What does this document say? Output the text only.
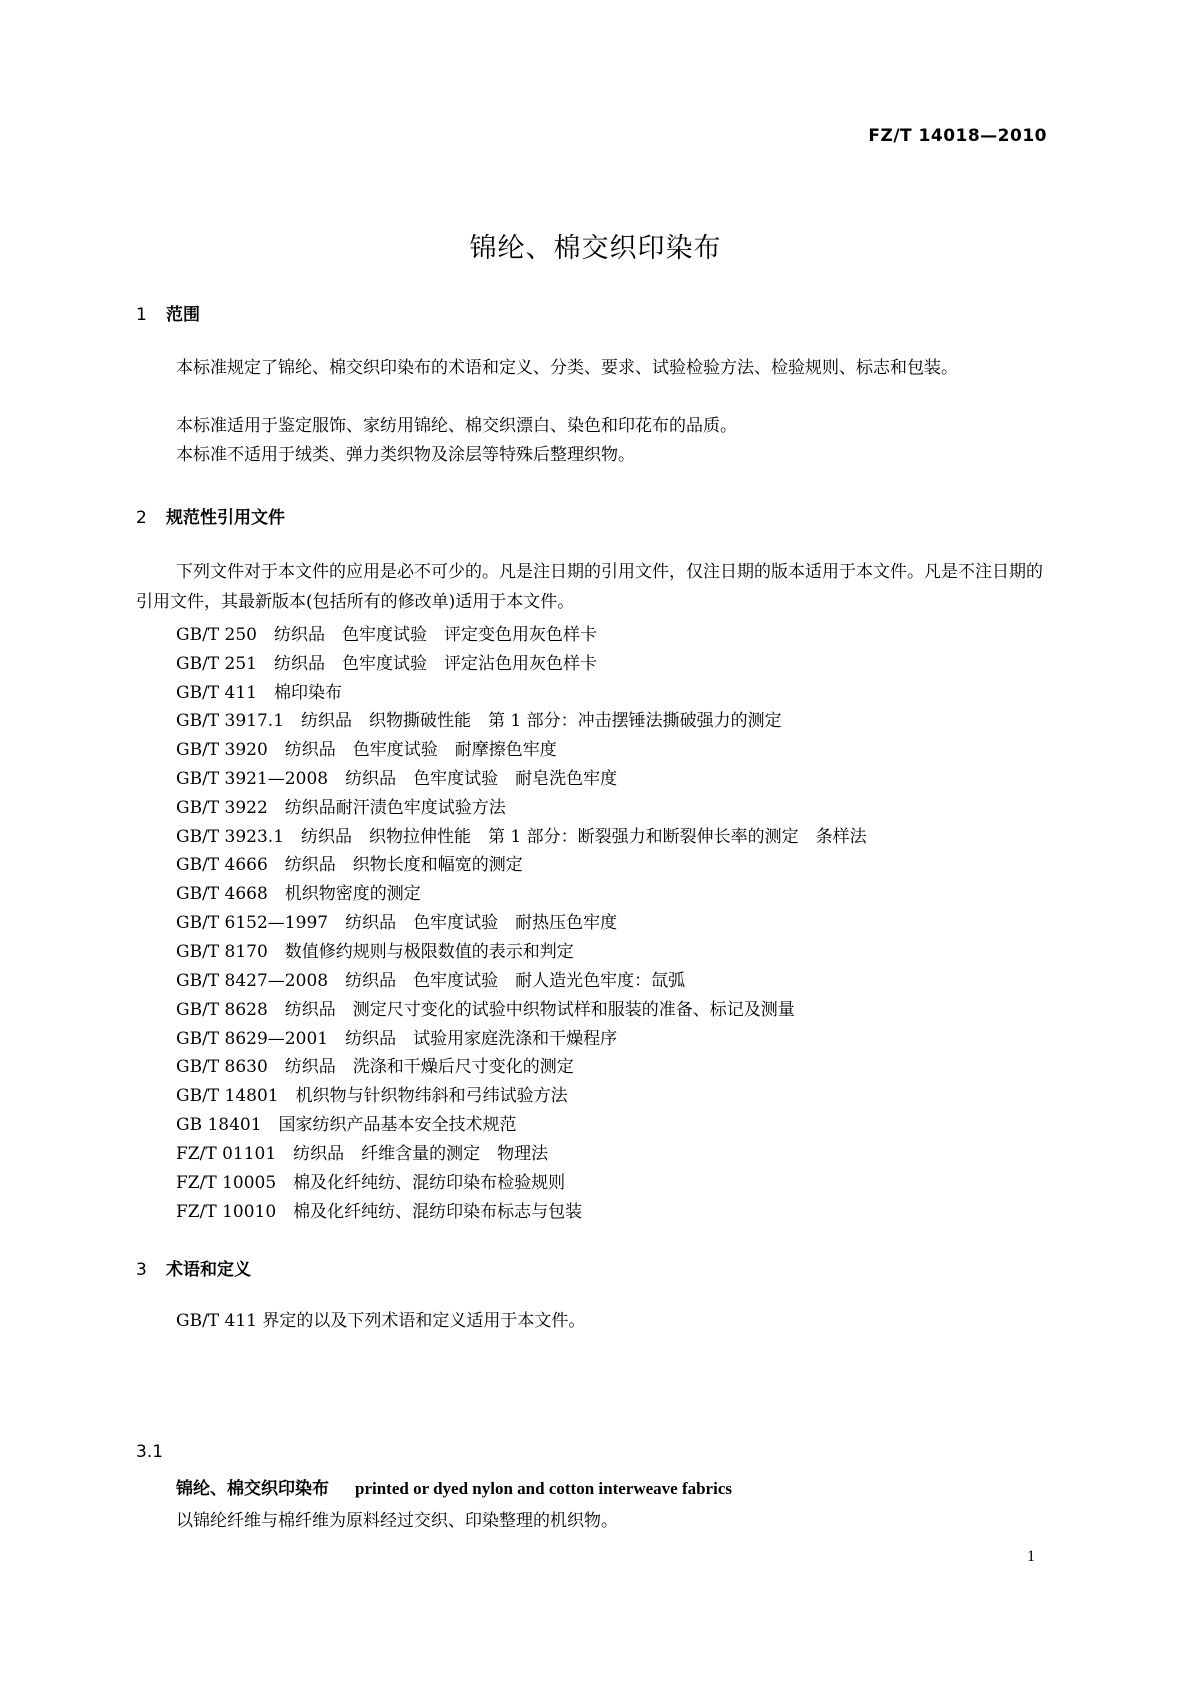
FZ/T 14018—2010
锦纶、棉交织印染布
1 范围
本标准规定了锦纶、棉交织印染布的术语和定义、分类、要求、试验检验方法、检验规则、标志和包装。
本标准适用于鉴定服饰、家纺用锦纶、棉交织漂白、染色和印花布的品质。
本标准不适用于绒类、弹力类织物及涂层等特殊后整理织物。
2 规范性引用文件
下列文件对于本文件的应用是必不可少的。凡是注日期的引用文件，仅注日期的版本适用于本文件。凡是不注日期的引用文件，其最新版本(包括所有的修改单)适用于本文件。
GB/T 250　纺织品　色牢度试验　评定变色用灰色样卡
GB/T 251　纺织品　色牢度试验　评定沾色用灰色样卡
GB/T 411　棉印染布
GB/T 3917.1　纺织品　织物撕破性能　第 1 部分：冲击摆锤法撕破强力的测定
GB/T 3920　纺织品　色牢度试验　耐摩擦色牢度
GB/T 3921—2008　纺织品　色牢度试验　耐皂洗色牢度
GB/T 3922　纺织品耐汗渍色牢度试验方法
GB/T 3923.1　纺织品　织物拉伸性能　第 1 部分：断裂强力和断裂伸长率的测定　条样法
GB/T 4666　纺织品　织物长度和幅宽的测定
GB/T 4668　机织物密度的测定
GB/T 6152—1997　纺织品　色牢度试验　耐热压色牢度
GB/T 8170　数值修约规则与极限数值的表示和判定
GB/T 8427—2008　纺织品　色牢度试验　耐人造光色牢度：氙弧
GB/T 8628　纺织品　测定尺寸变化的试验中织物试样和服装的准备、标记及测量
GB/T 8629—2001　纺织品　试验用家庭洗涤和干燥程序
GB/T 8630　纺织品　洗涤和干燥后尺寸变化的测定
GB/T 14801　机织物与针织物纬斜和弓纬试验方法
GB 18401　国家纺织产品基本安全技术规范
FZ/T 01101　纺织品　纤维含量的测定　物理法
FZ/T 10005　棉及化纤纯纺、混纺印染布检验规则
FZ/T 10010　棉及化纤纯纺、混纺印染布标志与包装
3 术语和定义
GB/T 411 界定的以及下列术语和定义适用于本文件。
3.1
锦纶、棉交织印染布 printed or dyed nylon and cotton interweave fabrics
以锦纶纤维与棉纤维为原料经过交织、印染整理的机织物。
1
